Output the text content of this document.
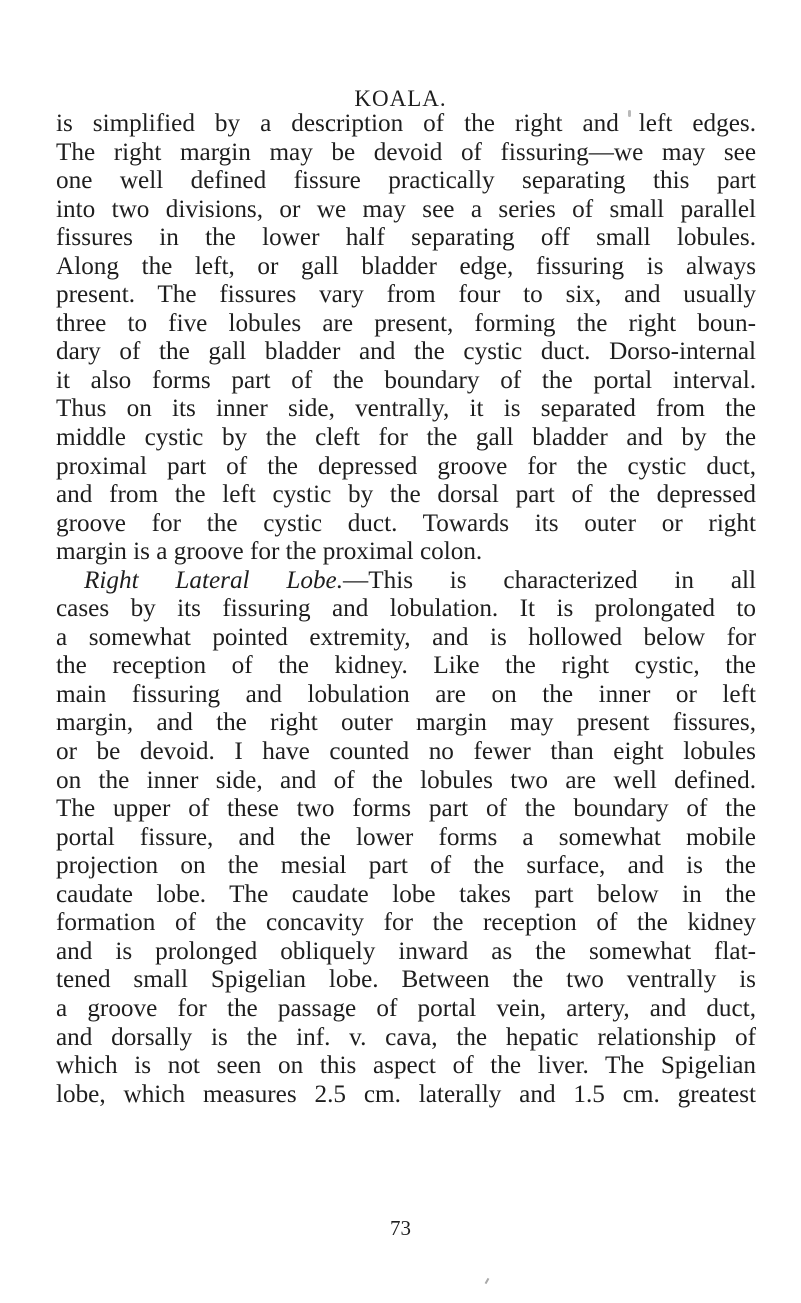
KOALA.
is simplified by a description of the right and left edges.
The right margin may be devoid of fissuring—we may see
one well defined fissure practically separating this part
into two divisions, or we may see a series of small parallel
fissures in the lower half separating off small lobules.
Along the left, or gall bladder edge, fissuring is always
present. The fissures vary from four to six, and usually
three to five lobules are present, forming the right boun-
dary of the gall bladder and the cystic duct. Dorso-internal
it also forms part of the boundary of the portal interval.
Thus on its inner side, ventrally, it is separated from the
middle cystic by the cleft for the gall bladder and by the
proximal part of the depressed groove for the cystic duct,
and from the left cystic by the dorsal part of the depressed
groove for the cystic duct. Towards its outer or right
margin is a groove for the proximal colon.
Right Lateral Lobe.—This is characterized in all
cases by its fissuring and lobulation. It is prolongated to
a somewhat pointed extremity, and is hollowed below for
the reception of the kidney. Like the right cystic, the
main fissuring and lobulation are on the inner or left
margin, and the right outer margin may present fissures,
or be devoid. I have counted no fewer than eight lobules
on the inner side, and of the lobules two are well defined.
The upper of these two forms part of the boundary of the
portal fissure, and the lower forms a somewhat mobile
projection on the mesial part of the surface, and is the
caudate lobe. The caudate lobe takes part below in the
formation of the concavity for the reception of the kidney
and is prolonged obliquely inward as the somewhat flat-
tened small Spigelian lobe. Between the two ventrally is
a groove for the passage of portal vein, artery, and duct,
and dorsally is the inf. v. cava, the hepatic relationship of
which is not seen on this aspect of the liver. The Spigelian
lobe, which measures 2.5 cm. laterally and 1.5 cm. greatest
73
